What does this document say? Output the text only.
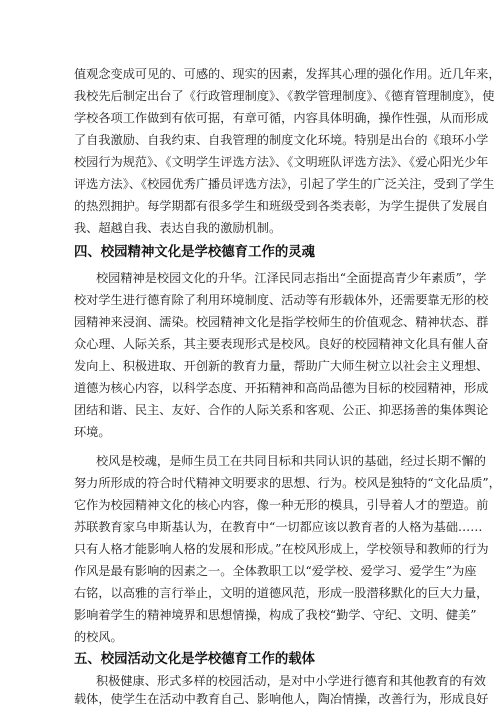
值观念变成可见的、可感的、现实的因素，发挥其心理的强化作用。近几年来，
我校先后制定出台了《行政管理制度》、《教学管理制度》、《德育管理制度》，使
学校各项工作做到有依可据，有章可循，内容具体明确，操作性强，从而形成
了自我激励、自我约束、自我管理的制度文化环境。特别是出台的《琅环小学
校园行为规范》、《文明学生评选方法》、《文明班队评选方法》、《爱心阳光少年
评选方法》、《校园优秀广播员评选方法》，引起了学生的广泛关注，受到了学生
的热烈拥护。每学期都有很多学生和班级受到各类表彰，为学生提供了发展自
我、超越自我、表达自我的激励机制。
四、校园精神文化是学校德育工作的灵魂
校园精神是校园文化的升华。江泽民同志指出“全面提高青少年素质”，学
校对学生进行德育除了利用环境制度、活动等有形载体外，还需要靠无形的校
园精神来浸润、濡染。校园精神文化是指学校师生的价值观念、精神状态、群
众心理、人际关系，其主要表现形式是校风。良好的校园精神文化具有催人奋
发向上、积极进取、开创新的教育力量，帮助广大师生树立以社会主义理想、
道德为核心内容，以科学态度、开拓精神和高尚品德为目标的校园精神，形成
团结和谐、民主、友好、合作的人际关系和客观、公正、抑恶扬善的集体舆论
环境。
校风是校魂，是师生员工在共同目标和共同认识的基础，经过长期不懈的
努力所形成的符合时代精神文明要求的思想、行为。校风是独特的“文化品质”，
它作为校园精神文化的核心内容，像一种无形的模具，引导着人才的塑造。前
苏联教育家乌申斯基认为，在教育中“一切都应该以教育者的人格为基础……
只有人格才能影响人格的发展和形成。”在校风形成上，学校领导和教师的行为
作风是最有影响的因素之一。全体教职工以“爱学校、爱学习、爱学生”为座
右铭，以高雅的言行举止，文明的道德风范，形成一股潜移默化的巨大力量，
影响着学生的精神境界和思想情操，构成了我校“勤学、守纪、文明、健美”
的校风。
五、校园活动文化是学校德育工作的载体
积极健康、形式多样的校园活动，是对中小学进行德育和其他教育的有效
载体，使学生在活动中教育自己、影响他人，陶冶情操，改善行为，形成良好
